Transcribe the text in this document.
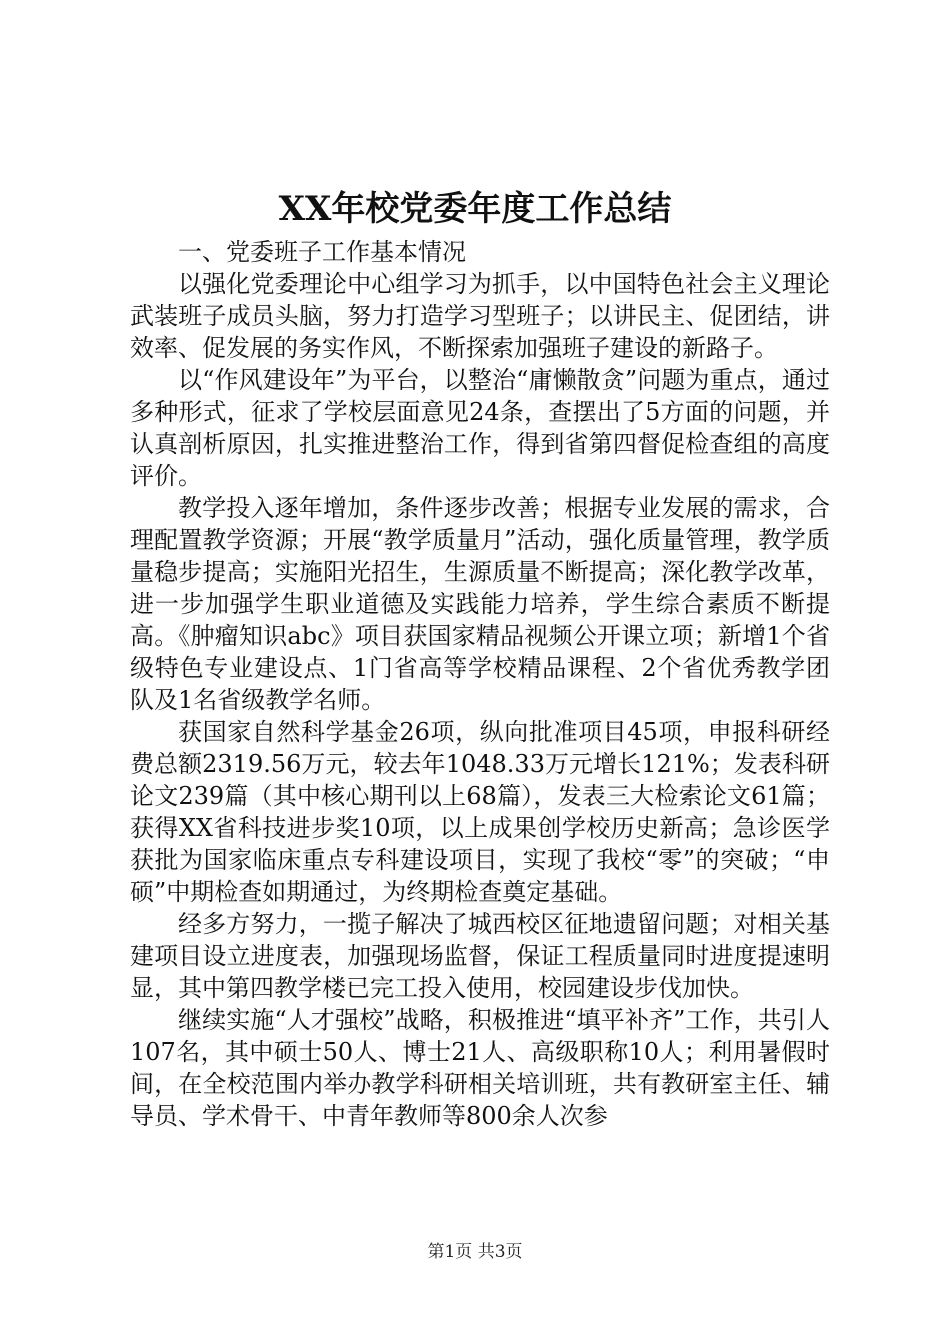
XX年校党委年度工作总结

一、党委班子工作基本情况

以强化党委理论中心组学习为抓手，以中国特色社会主义理论武装班子成员头脑，努力打造学习型班子；以讲民主、促团结，讲效率、促发展的务实作风，不断探索加强班子建设的新路子。

以“作风建设年”为平台，以整治“庸懒散贪”问题为重点，通过多种形式，征求了学校层面意见24条，查摆出了5方面的问题，并认真剖析原因，扎实推进整治工作，得到省第四督促检查组的高度评价。

教学投入逐年增加，条件逐步改善；根据专业发展的需求，合理配置教学资源；开展“教学质量月”活动，强化质量管理，教学质量稳步提高；实施阳光招生，生源质量不断提高；深化教学改革，进一步加强学生职业道德及实践能力培养，学生综合素质不断提高。《肿瘤知识abc》项目获国家精品视频公开课立项；新增1个省级特色专业建设点、1门省高等学校精品课程、2个省优秀教学团队及1名省级教学名师。

获国家自然科学基金26项，纵向批准项目45项，申报科研经费总额2319.56万元，较去年1048.33万元增长121%；发表科研论文239篇（其中核心期刊以上68篇），发表三大检索论文61篇；获得XX省科技进步奖10项，以上成果创学校历史新高；急诊医学获批为国家临床重点专科建设项目，实现了我校“零”的突破；“申硕”中期检查如期通过，为终期检查奠定基础。

经多方努力，一揽子解决了城西校区征地遗留问题；对相关基建项目设立进度表，加强现场监督，保证工程质量同时进度提速明显，其中第四教学楼已完工投入使用，校园建设步伐加快。

继续实施“人才强校”战略，积极推进“填平补齐”工作，共引人107名，其中硕士50人、博士21人、高级职称10人；利用暑假时间，在全校范围内举办教学科研相关培训班，共有教研室主任、辅导员、学术骨干、中青年教师等800余人次参

第1页 共3页
